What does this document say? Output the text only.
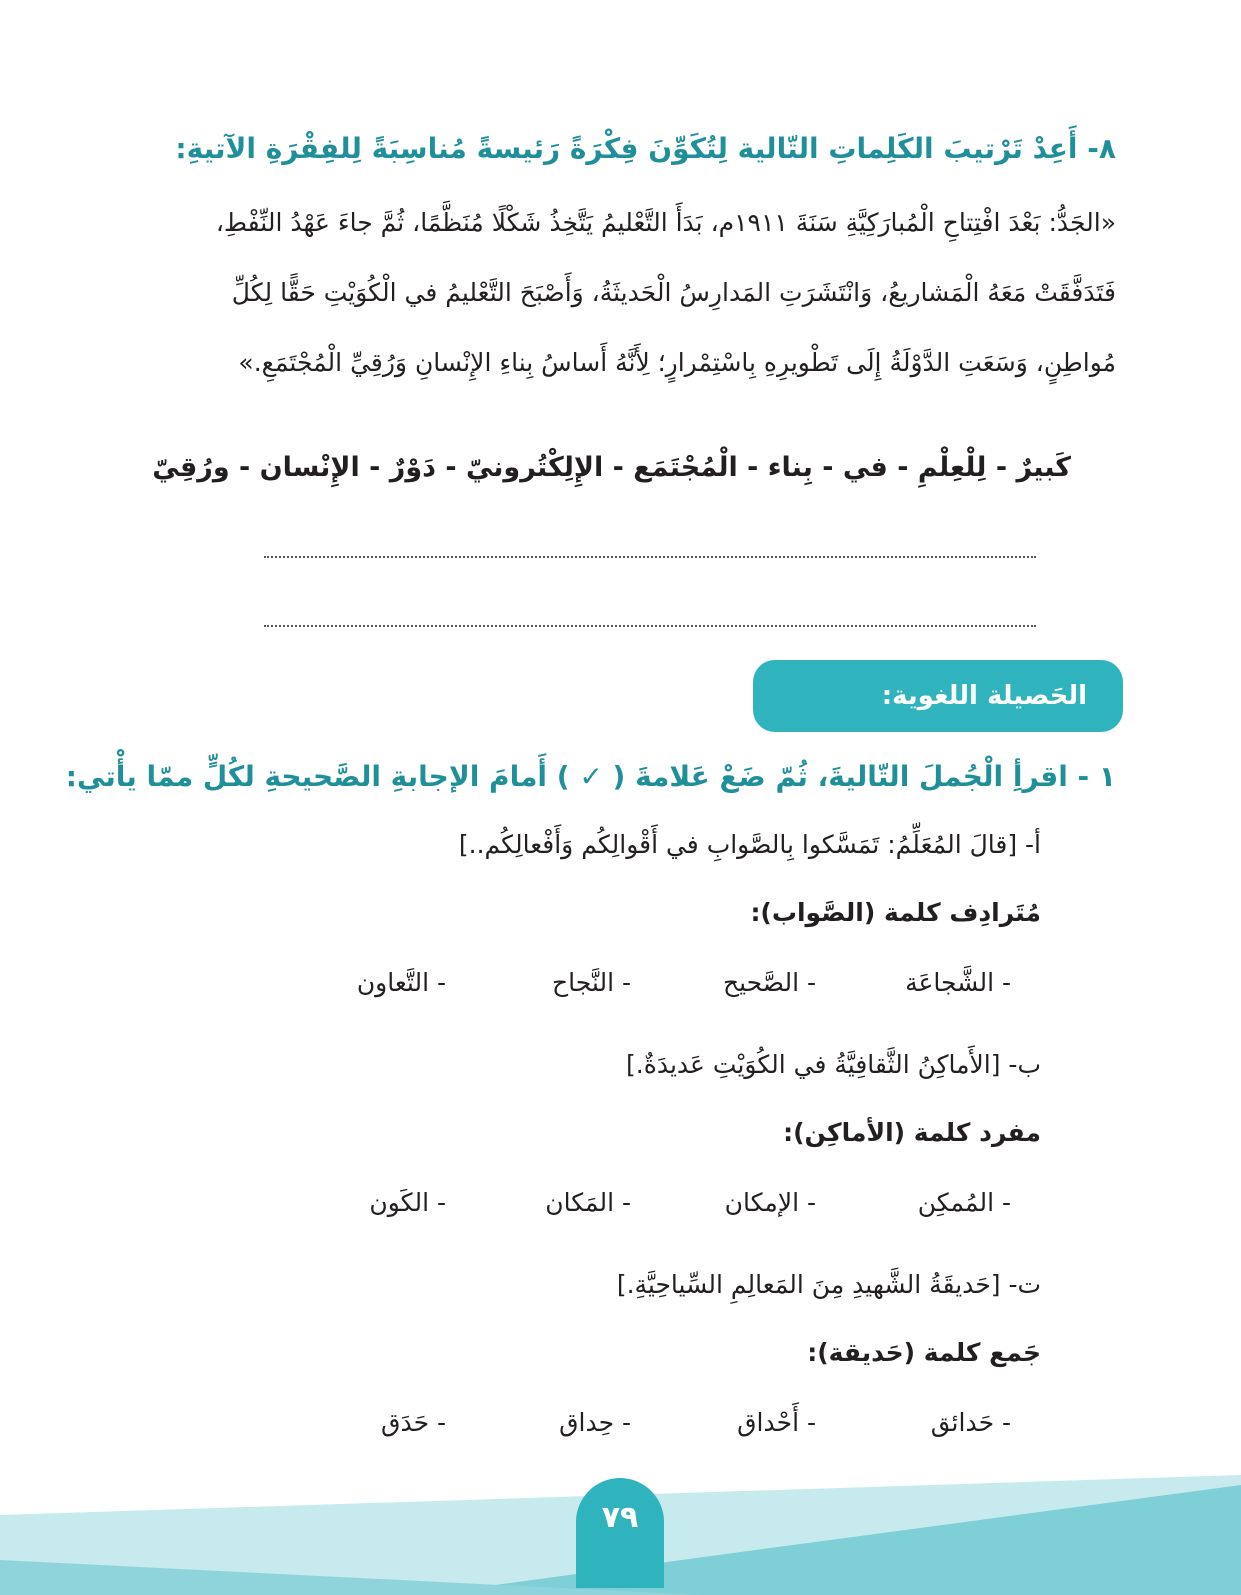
٨- أَعِدْ تَرْتيبَ الكَلِماتِ التّالية لِتُكَوِّنَ فِكْرَةً رَئيسةً مُناسِبَةً لِلفِقْرَةِ الآتيةِ:
«الجَدُّ: بَعْدَ افْتِتاحِ الْمُبارَكِيَّةِ سَنَةَ ١٩١١م، بَدَأَ التَّعْليمُ يَتَّخِذُ شَكْلًا مُنَظَّمًا، ثُمَّ جاءَ عَهْدُ النِّفْطِ،
فَتَدَفَّقَتْ مَعَهُ الْمَشاريعُ، وَانْتَشَرَتِ المَدارِسُ الْحَديثَةُ، وَأَصْبَحَ التَّعْليمُ في الْكُوَيْتِ حَقًّا لِكُلِّ
مُواطِنٍ، وَسَعَتِ الدَّوْلَةُ إِلَى تَطْويرِهِ بِاسْتِمْرارٍ؛ لِأَنَّهُ أَساسُ بِناءِ الإِنْسانِ وَرُقِيِّ الْمُجْتَمَعِ.»
كَبيرٌ - لِلْعِلْمِ - في - بِناء - الْمُجْتَمَع - الإِلِكْتُرونيّ - دَوْرٌ - الإِنْسان - ورُقِيّ
الحَصيلة اللغوية:
١ - اقرأِ الْجُملَ التّاليةَ، ثُمّ ضَعْ عَلامةَ ( ✓ ) أَمامَ الإجابةِ الصَّحيحةِ لكُلٍّ ممّا يأْتي:
أ- [قالَ المُعَلِّمُ: تَمَسَّكوا بِالصَّوابِ في أَقْوالِكُم وَأَفْعالِكُم..]
مُتَرادِف كلمة (الصَّواب):
- الشَّجاعَة
- الصَّحيح
- النَّجاح
- التَّعاون
ب- [الأَماكِنُ الثَّقافِيَّةُ في الكُوَيْتِ عَديدَةٌ.]
مفرد كلمة (الأماكِن):
- المُمكِن
- الإمكان
- المَكان
- الكَون
ت- [حَديقَةُ الشَّهيدِ مِنَ المَعالِمِ السِّياحِيَّةِ.]
جَمع كلمة (حَديقة):
- حَدائق
- أَحْداق
- حِداق
- حَدَق
٧٩
